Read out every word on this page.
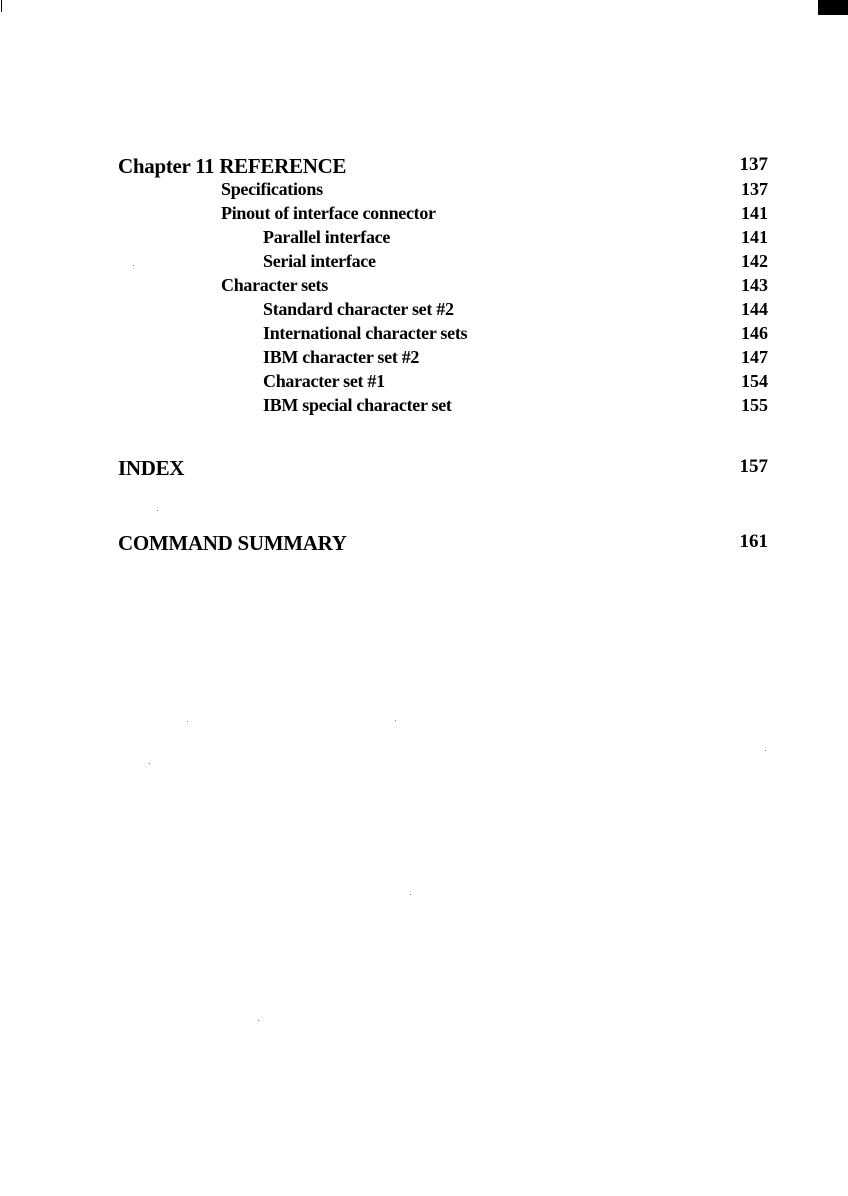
Chapter 11 REFERENCE	137
Specifications	137
Pinout of interface connector	141
Parallel interface	141
Serial interface	142
Character sets	143
Standard character set #2	144
International character sets	146
IBM character set #2	147
Character set #1	154
IBM special character set	155
INDEX	157
COMMAND SUMMARY	161
